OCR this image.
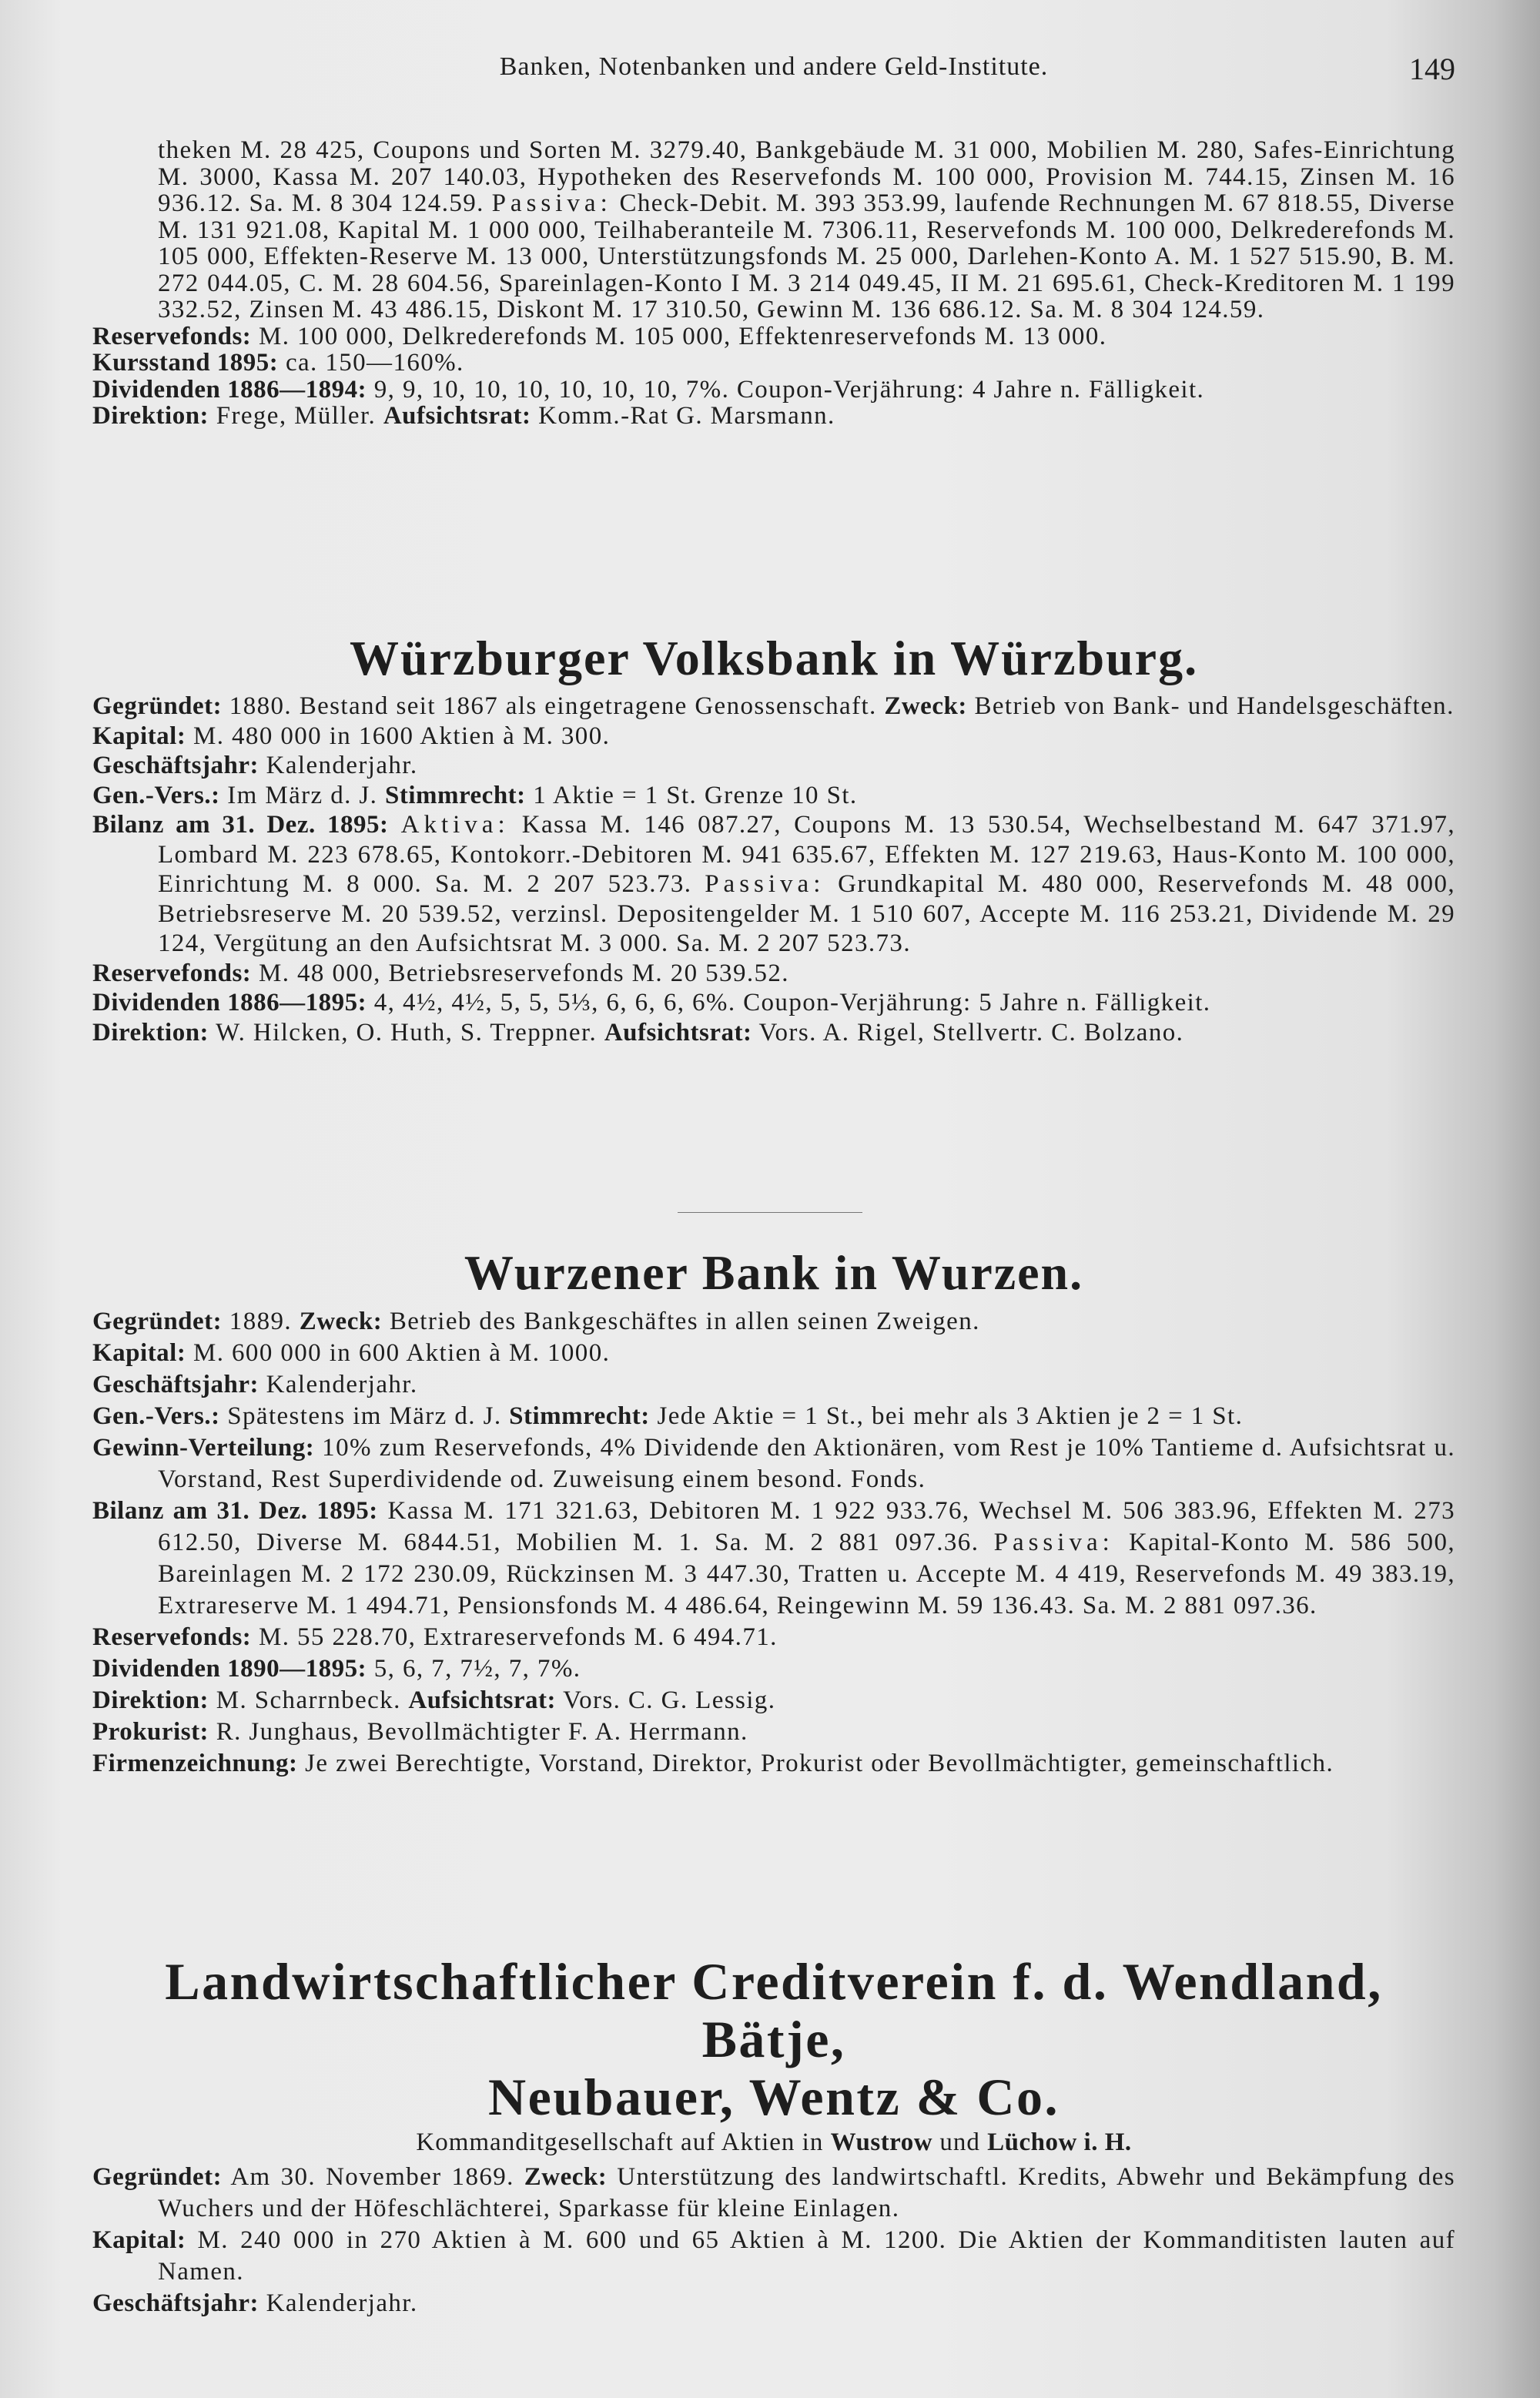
Banken, Notenbanken und andere Geld-Institute.	149

theken M. 28 425, Coupons und Sorten M. 3279.40, Bankgebäude M. 31 000, Mobilien M. 280, Safes-Einrichtung M. 3000, Kassa M. 207 140.03, Hypotheken des Reservefonds M. 100 000, Provision M. 744.15, Zinsen M. 16 936.12. Sa. M. 8 304 124.59. Passiva: Check-Debit. M. 393 353.99, laufende Rechnungen M. 67 818.55, Diverse M. 131 921.08, Kapital M. 1 000 000, Teilhaberanteile M. 7306.11, Reservefonds M. 100 000, Delkrederefonds M. 105 000, Effekten-Reserve M. 13 000, Unterstützungsfonds M. 25 000, Darlehen-Konto A. M. 1 527 515.90, B. M. 272 044.05, C. M. 28 604.56, Spareinlagen-Konto I M. 3 214 049.45, II M. 21 695.61, Check-Kreditoren M. 1 199 332.52, Zinsen M. 43 486.15, Diskont M. 17 310.50, Gewinn M. 136 686.12. Sa. M. 8 304 124.59.

Reservefonds: M. 100 000, Delkrederefonds M. 105 000, Effektenreservefonds M. 13 000.

Kursstand 1895: ca. 150—160%.

Dividenden 1886—1894: 9, 9, 10, 10, 10, 10, 10, 10, 7%. Coupon-Verjährung: 4 Jahre n. Fälligkeit.

Direktion: Frege, Müller. Aufsichtsrat: Komm.-Rat G. Marsmann.

Würzburger Volksbank in Würzburg.

Gegründet: 1880. Bestand seit 1867 als eingetragene Genossenschaft. Zweck: Betrieb von Bank- und Handelsgeschäften.

Kapital: M. 480 000 in 1600 Aktien à M. 300.

Geschäftsjahr: Kalenderjahr.

Gen.-Vers.: Im März d. J. Stimmrecht: 1 Aktie = 1 St. Grenze 10 St.

Bilanz am 31. Dez. 1895: Aktiva: Kassa M. 146 087.27, Coupons M. 13 530.54, Wechselbestand M. 647 371.97, Lombard M. 223 678.65, Kontokorr.-Debitoren M. 941 635.67, Effekten M. 127 219.63, Haus-Konto M. 100 000, Einrichtung M. 8 000. Sa. M. 2 207 523.73. Passiva: Grundkapital M. 480 000, Reservefonds M. 48 000, Betriebsreserve M. 20 539.52, verzinsl. Depositengelder M. 1 510 607, Accepte M. 116 253.21, Dividende M. 29 124, Vergütung an den Aufsichtsrat M. 3 000. Sa. M. 2 207 523.73.

Reservefonds: M. 48 000, Betriebsreservefonds M. 20 539.52.

Dividenden 1886—1895: 4, 4½, 4½, 5, 5, 5⅓, 6, 6, 6, 6%. Coupon-Verjährung: 5 Jahre n. Fälligkeit.

Direktion: W. Hilcken, O. Huth, S. Treppner. Aufsichtsrat: Vors. A. Rigel, Stellvertr. C. Bolzano.

Wurzener Bank in Wurzen.

Gegründet: 1889. Zweck: Betrieb des Bankgeschäftes in allen seinen Zweigen.

Kapital: M. 600 000 in 600 Aktien à M. 1000.

Geschäftsjahr: Kalenderjahr.

Gen.-Vers.: Spätestens im März d. J. Stimmrecht: Jede Aktie = 1 St., bei mehr als 3 Aktien je 2 = 1 St.

Gewinn-Verteilung: 10% zum Reservefonds, 4% Dividende den Aktionären, vom Rest je 10% Tantieme d. Aufsichtsrat u. Vorstand, Rest Superdividende od. Zuweisung einem besond. Fonds.

Bilanz am 31. Dez. 1895: Kassa M. 171 321.63, Debitoren M. 1 922 933.76, Wechsel M. 506 383.96, Effekten M. 273 612.50, Diverse M. 6844.51, Mobilien M. 1. Sa. M. 2 881 097.36. Passiva: Kapital-Konto M. 586 500, Bareinlagen M. 2 172 230.09, Rückzinsen M. 3 447.30, Tratten u. Accepte M. 4 419, Reservefonds M. 49 383.19, Extrareserve M. 1 494.71, Pensionsfonds M. 4 486.64, Reingewinn M. 59 136.43. Sa. M. 2 881 097.36.

Reservefonds: M. 55 228.70, Extrareservefonds M. 6 494.71.

Dividenden 1890—1895: 5, 6, 7, 7½, 7, 7%.

Direktion: M. Scharrnbeck. Aufsichtsrat: Vors. C. G. Lessig.

Prokurist: R. Junghaus, Bevollmächtigter F. A. Herrmann.

Firmenzeichnung: Je zwei Berechtigte, Vorstand, Direktor, Prokurist oder Bevollmächtigter, gemeinschaftlich.

Landwirtschaftlicher Creditverein f. d. Wendland, Bätje,
Neubauer, Wentz & Co.
Kommanditgesellschaft auf Aktien in Wustrow und Lüchow i. H.

Gegründet: Am 30. November 1869. Zweck: Unterstützung des landwirtschaftl. Kredits, Abwehr und Bekämpfung des Wuchers und der Höfeschlächterei, Sparkasse für kleine Einlagen.

Kapital: M. 240 000 in 270 Aktien à M. 600 und 65 Aktien à M. 1200. Die Aktien der Kommanditisten lauten auf Namen.

Geschäftsjahr: Kalenderjahr.
